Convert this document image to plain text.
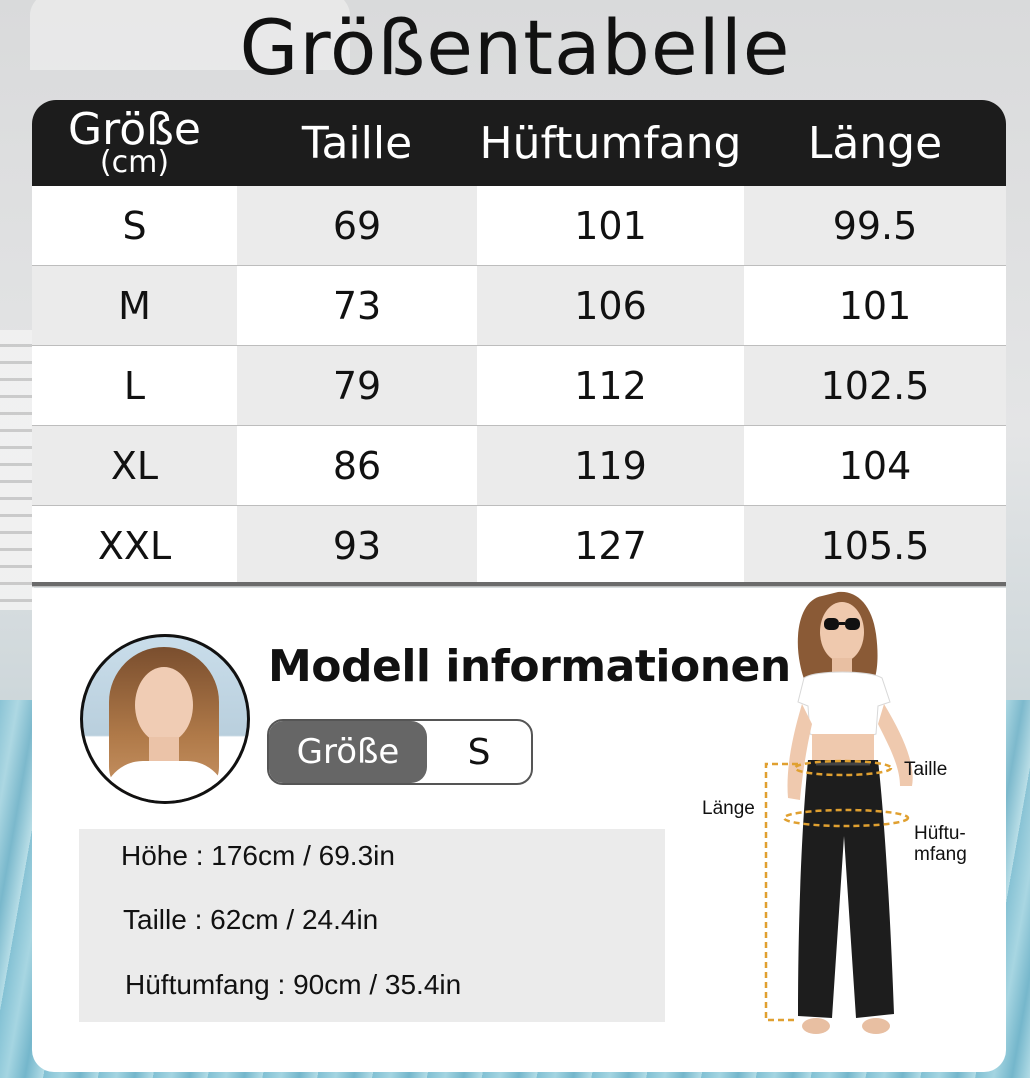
Größentabelle
Größe
(cm)	Taille	Hüftumfang	Länge
S	69	101	99.5
M	73	106	101
L	79	112	102.5
XL	86	119	104
XXL	93	127	105.5
Modell informationen
Größe	S
Höhe : 176cm / 69.3in
Taille : 62cm / 24.4in
Hüftumfang : 90cm / 35.4in
Taille
Länge
Hüftu-
mfang
